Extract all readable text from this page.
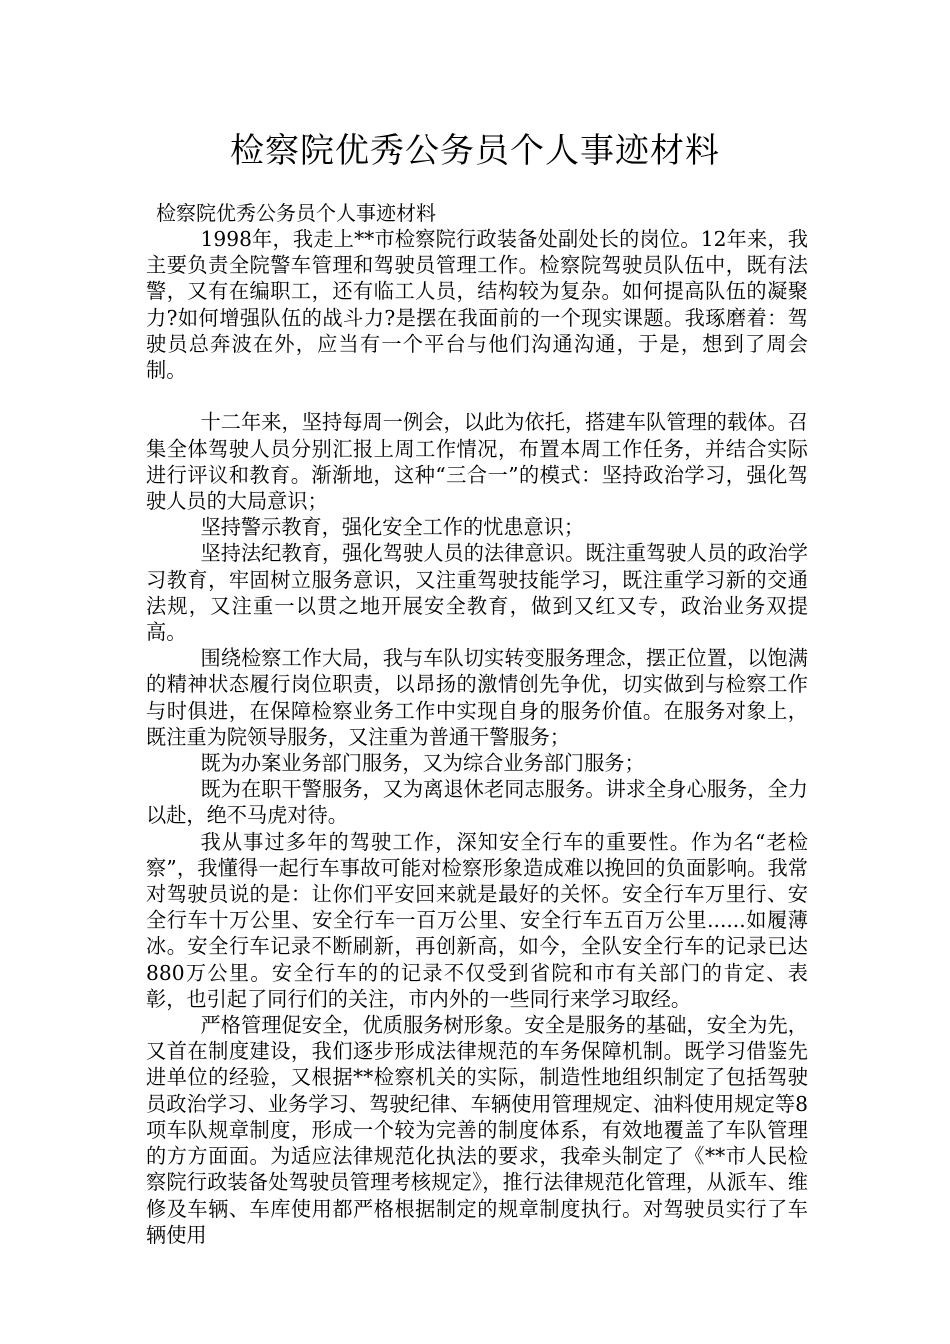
检察院优秀公务员个人事迹材料
检察院优秀公务员个人事迹材料

1998年，我走上**市检察院行政装备处副处长的岗位。12年来，我主要负责全院警车管理和驾驶员管理工作。检察院驾驶员队伍中，既有法警，又有在编职工，还有临工人员，结构较为复杂。如何提高队伍的凝聚力?如何增强队伍的战斗力?是摆在我面前的一个现实课题。我琢磨着：驾驶员总奔波在外，应当有一个平台与他们沟通沟通，于是，想到了周会制。

十二年来，坚持每周一例会，以此为依托，搭建车队管理的载体。召集全体驾驶人员分别汇报上周工作情况，布置本周工作任务，并结合实际进行评议和教育。渐渐地，这种“三合一”的模式：坚持政治学习，强化驾驶人员的大局意识；

坚持警示教育，强化安全工作的忧患意识；

坚持法纪教育，强化驾驶人员的法律意识。既注重驾驶人员的政治学习教育，牢固树立服务意识，又注重驾驶技能学习，既注重学习新的交通法规，又注重一以贯之地开展安全教育，做到又红又专，政治业务双提高。

围绕检察工作大局，我与车队切实转变服务理念，摆正位置，以饱满的精神状态履行岗位职责，以昂扬的激情创先争优，切实做到与检察工作与时俱进，在保障检察业务工作中实现自身的服务价值。在服务对象上，既注重为院领导服务，又注重为普通干警服务；

既为办案业务部门服务，又为综合业务部门服务；

既为在职干警服务，又为离退休老同志服务。讲求全身心服务，全力以赴，绝不马虎对待。

我从事过多年的驾驶工作，深知安全行车的重要性。作为名“老检察”，我懂得一起行车事故可能对检察形象造成难以挽回的负面影响。我常对驾驶员说的是：让你们平安回来就是最好的关怀。安全行车万里行、安全行车十万公里、安全行车一百万公里、安全行车五百万公里......如履薄冰。安全行车记录不断刷新，再创新高，如今，全队安全行车的记录已达880万公里。安全行车的的记录不仅受到省院和市有关部门的肯定、表彰，也引起了同行们的关注，市内外的一些同行来学习取经。

严格管理促安全，优质服务树形象。安全是服务的基础，安全为先，又首在制度建设，我们逐步形成法律规范的车务保障机制。既学习借鉴先进单位的经验，又根据**检察机关的实际，制造性地组织制定了包括驾驶员政治学习、业务学习、驾驶纪律、车辆使用管理规定、油料使用规定等8项车队规章制度，形成一个较为完善的制度体系，有效地覆盖了车队管理的方方面面。为适应法律规范化执法的要求，我牵头制定了《**市人民检察院行政装备处驾驶员管理考核规定》，推行法律规范化管理，从派车、维修及车辆、车库使用都严格根据制定的规章制度执行。对驾驶员实行了车辆使用
